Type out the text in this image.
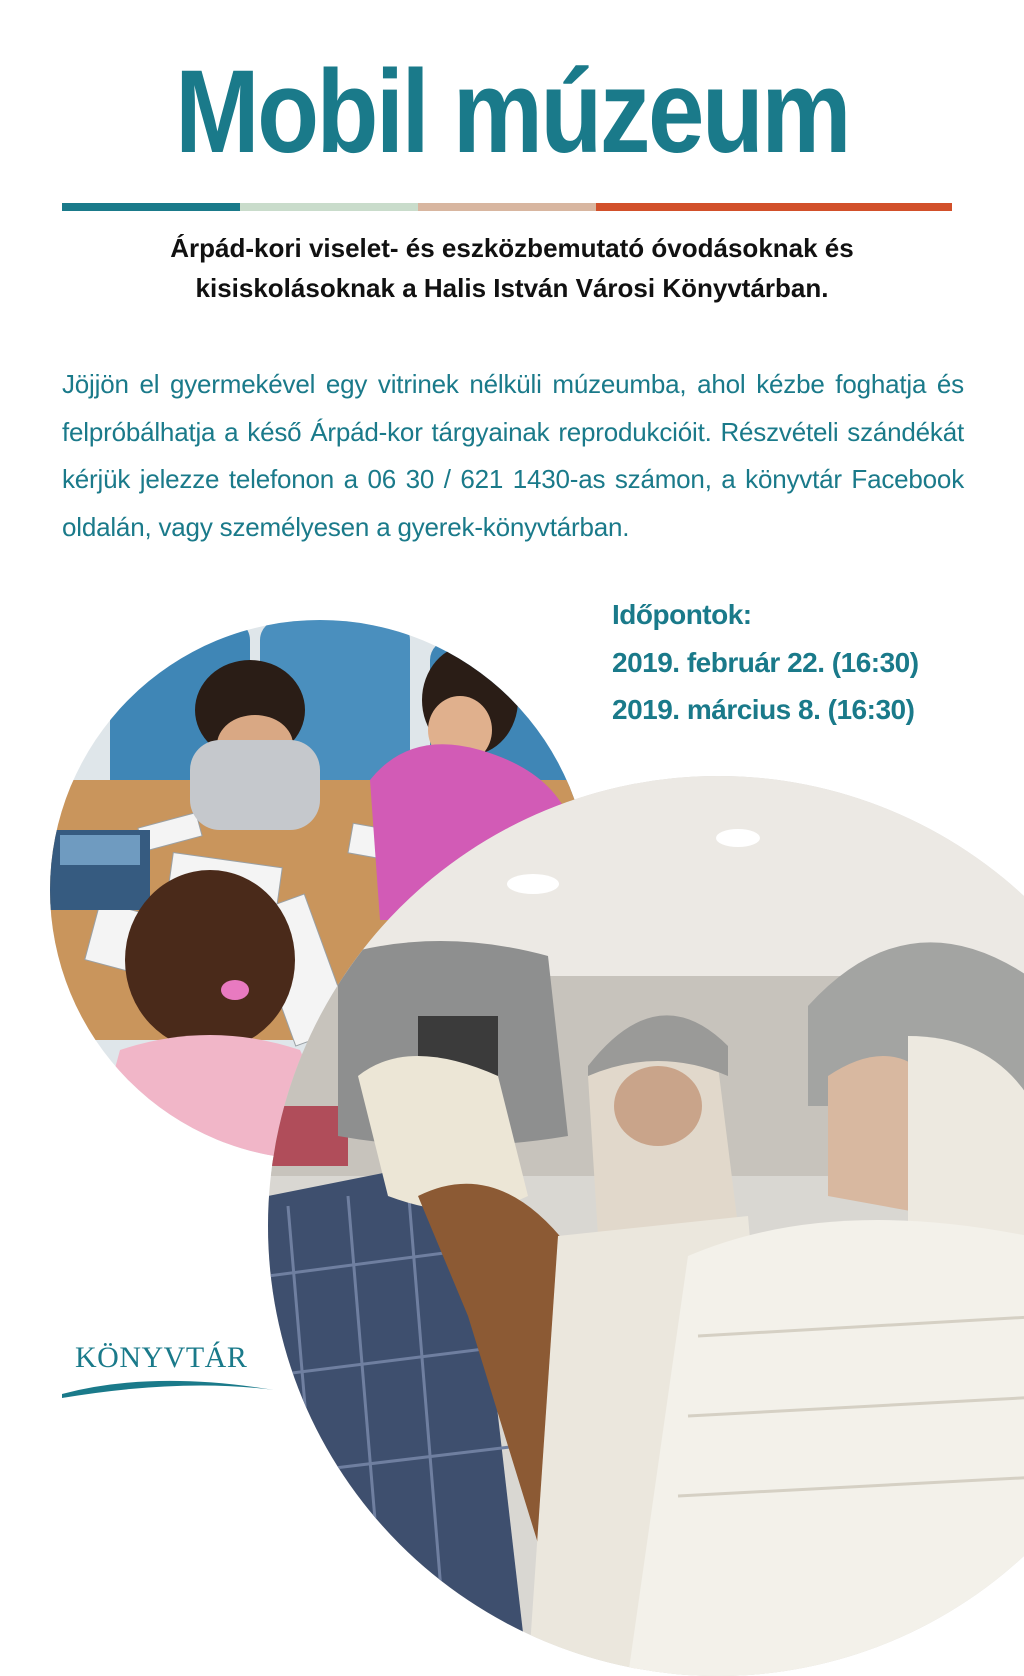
Mobil múzeum
Árpád-kori viselet- és eszközbemutató óvodásoknak és
kisiskolásoknak a Halis István Városi Könyvtárban.

Jöjjön el gyermekével egy vitrinek nélküli múzeumba, ahol kézbe foghatja és felpróbálhatja a késő Árpád-kor tárgyainak reprodukcióit. Részvételi szándékát kérjük jelezze telefonon a 06 30 / 621 1430-as számon, a könyvtár Facebook oldalán, vagy személyesen a gyerek-könyvtárban.

Időpontok:
2019. február 22. (16:30)
2019. március 8. (16:30)
KÖNYVTÁR
